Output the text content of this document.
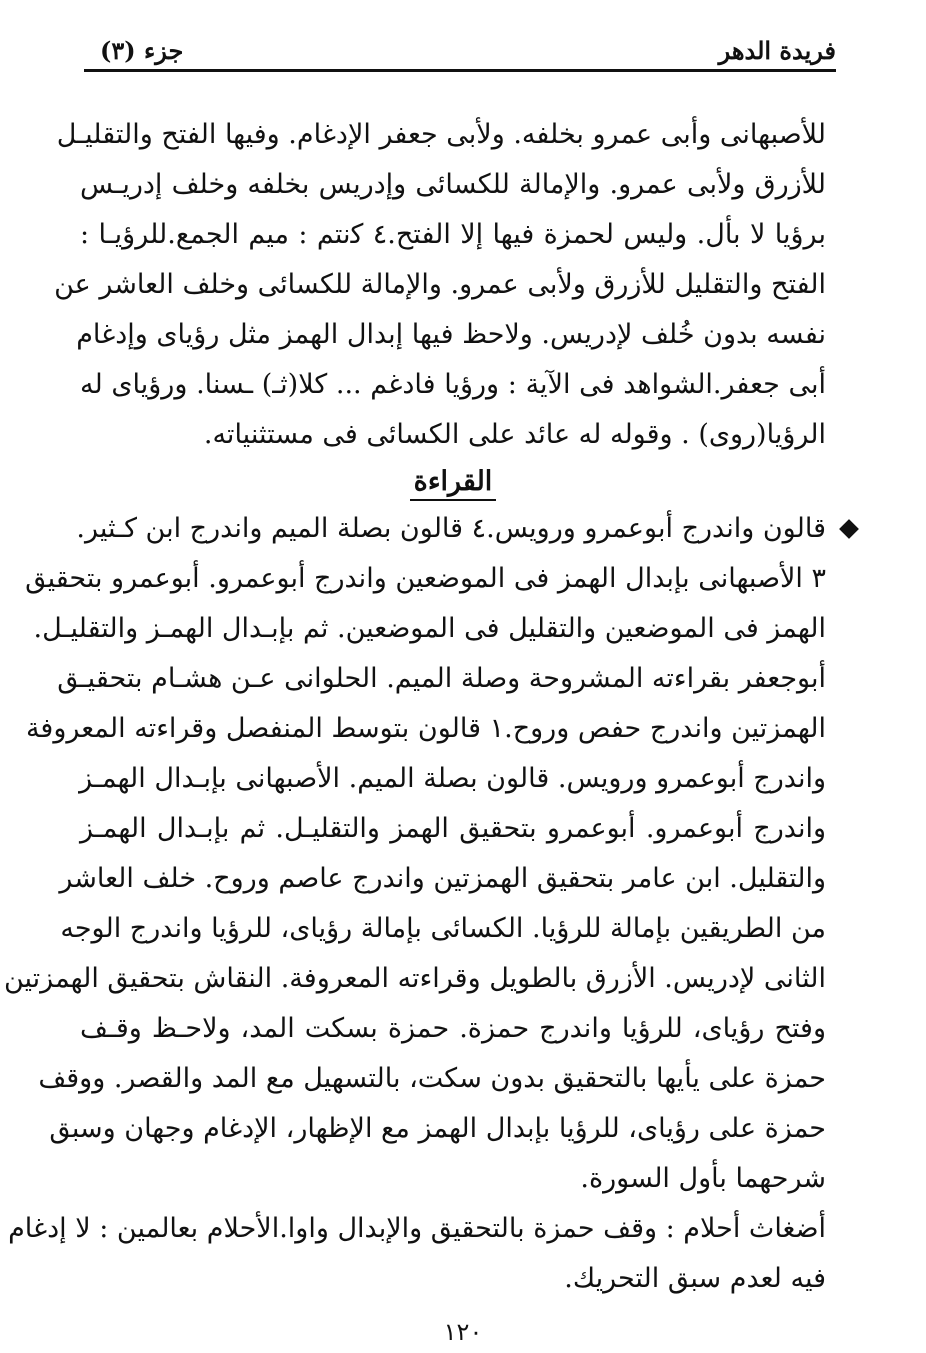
فريدة الدهر
جزء (٣)
للأصبهانى وأبى عمرو بخلفه. ولأبى جعفر الإدغام. وفيها الفتح والتقليـل
للأزرق ولأبى عمرو. والإمالة للكسائى وإدريس بخلفه وخلف إدريـس
برؤيا لا بأل. وليس لحمزة فيها إلا الفتح.٤ ﮐنتم : ميم الجمع.للرؤيـا :
الفتح والتقليل للأزرق ولأبى عمرو. والإمالة للكسائى وخلف العاشر عن
نفسه بدون خُلف لإدريس. ولاحظ فيها إبدال الهمز مثل رؤياى وإدغام
أبى جعفر.الشواهد فى الآية : ورؤيا فادغم ... كلا(ثـ) ـسنا. ورؤياى له
الرؤيا(روى) . وقوله له عائد على الكسائى فى مستثنياته.
القراءة
قالون واندرج أبوعمرو ورويس.٤ قالون بصلة الميم واندرج ابن كـثير.
٣ الأصبهانى بإبدال الهمز فى الموضعين واندرج أبوعمرو. أبوعمرو بتحقيق
الهمز فى الموضعين والتقليل فى الموضعين. ثم بإبـدال الهمـز والتقليـل.
أبوجعفر بقراءته المشروحة وصلة الميم. الحلوانى عـن هشـام بتحقيـق
الهمزتين واندرج حفص وروح.١ قالون بتوسط المنفصل وقراءته المعروفة
واندرج أبوعمرو ورويس. قالون بصلة الميم. الأصبهانى بإبـدال الهمـز
واندرج أبوعمرو. أبوعمرو بتحقيق الهمز والتقليـل. ثم بإبـدال الهمـز
والتقليل. ابن عامر بتحقيق الهمزتين واندرج عاصم وروح. خلف العاشر
من الطريقين بإمالة للرؤيا. الكسائى بإمالة رؤياى، للرؤيا واندرج الوجه
الثانى لإدريس. الأزرق بالطويل وقراءته المعروفة. النقاش بتحقيق الهمزتين
وفتح رؤياى، للرؤيا واندرج حمزة. حمزة بسكت المد، ولاحـظ وقـف
حمزة على يأيها بالتحقيق بدون سكت، بالتسهيل مع المد والقصر. ووقف
حمزة على رؤياى، للرؤيا بإبدال الهمز مع الإظهار، الإدغام وجهان وسبق
شرحهما بأول السورة.
أضغاث أحلام : وقف حمزة بالتحقيق والإبدال واوا.الأحلام بعالمين : لا إدغام
فيه لعدم سبق التحريك.
١٢٠
